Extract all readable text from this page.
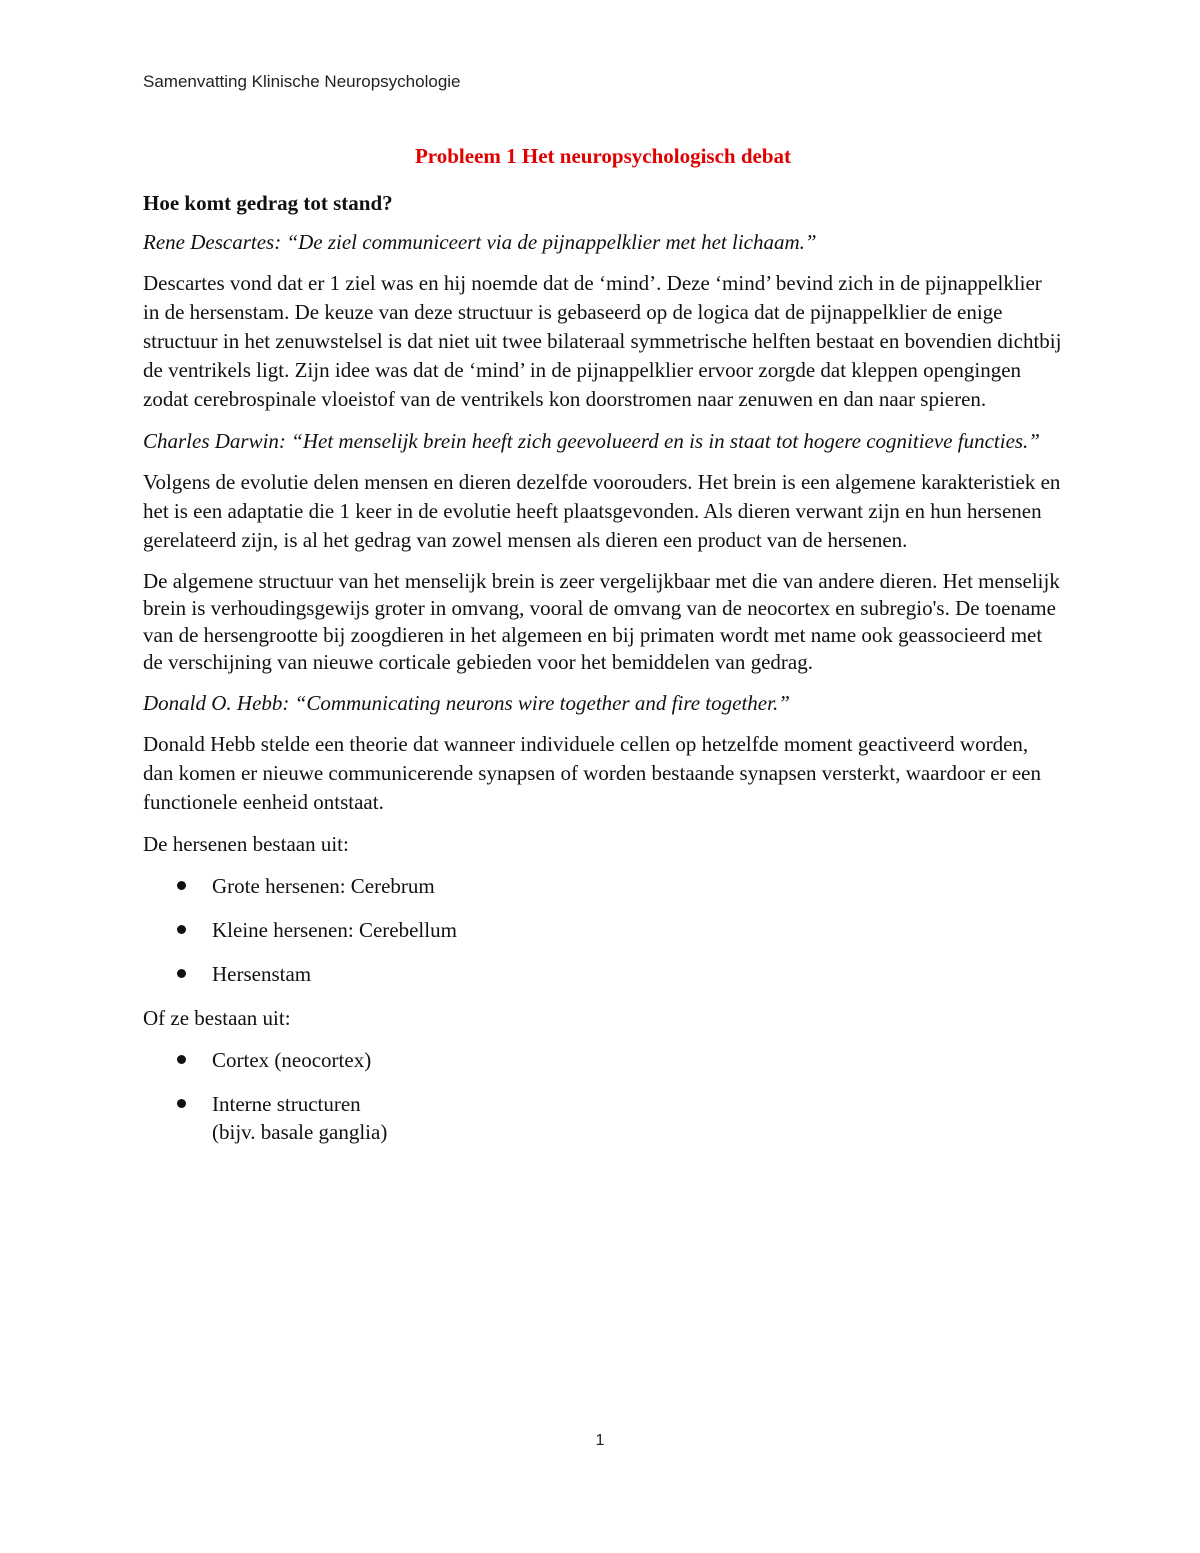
Samenvatting Klinische Neuropsychologie

Probleem 1 Het neuropsychologisch debat

Hoe komt gedrag tot stand?

Rene Descartes: “De ziel communiceert via de pijnappelklier met het lichaam.”

Descartes vond dat er 1 ziel was en hij noemde dat de ‘mind’. Deze ‘mind’ bevind zich in de pijnappelklier in de hersenstam. De keuze van deze structuur is gebaseerd op de logica dat de pijnappelklier de enige structuur in het zenuwstelsel is dat niet uit twee bilateraal symmetrische helften bestaat en bovendien dichtbij de ventrikels ligt. Zijn idee was dat de ‘mind’ in de pijnappelklier ervoor zorgde dat kleppen opengingen zodat cerebrospinale vloeistof van de ventrikels kon doorstromen naar zenuwen en dan naar spieren.

Charles Darwin: “Het menselijk brein heeft zich geevolueerd en is in staat tot hogere cognitieve functies.”

Volgens de evolutie delen mensen en dieren dezelfde voorouders. Het brein is een algemene karakteristiek en het is een adaptatie die 1 keer in de evolutie heeft plaatsgevonden. Als dieren verwant zijn en hun hersenen gerelateerd zijn, is al het gedrag van zowel mensen als dieren een product van de hersenen.

De algemene structuur van het menselijk brein is zeer vergelijkbaar met die van andere dieren. Het menselijk brein is verhoudingsgewijs groter in omvang, vooral de omvang van de neocortex en subregio's. De toename van de hersengrootte bij zoogdieren in het algemeen en bij primaten wordt met name ook geassocieerd met de verschijning van nieuwe corticale gebieden voor het bemiddelen van gedrag.

Donald O. Hebb: “Communicating neurons wire together and fire together.”

Donald Hebb stelde een theorie dat wanneer individuele cellen op hetzelfde moment geactiveerd worden, dan komen er nieuwe communicerende synapsen of worden bestaande synapsen versterkt, waardoor er een functionele eenheid ontstaat.

De hersenen bestaan uit:

Grote hersenen: Cerebrum
Kleine hersenen: Cerebellum
Hersenstam

Of ze bestaan uit:

Cortex (neocortex)
Interne structuren
(bijv. basale ganglia)
1
